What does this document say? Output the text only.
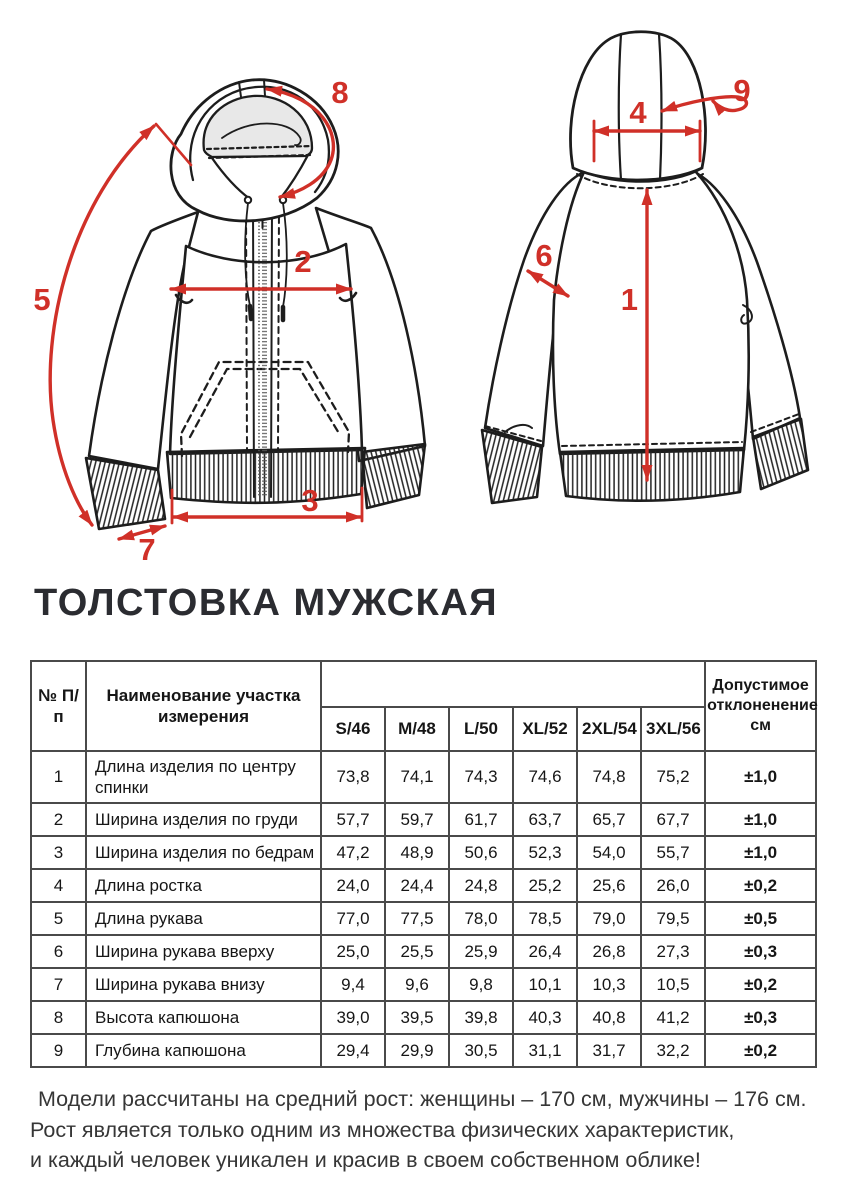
2
3
5
7
8
1
4
6
9
ТОЛСТОВКА МУЖСКАЯ
№ П/п	Наименование участка измерения							Допустимое отклоненение см
		S/46	M/48	L/50	XL/52	2XL/54	3XL/56	
1	Длина изделия по центру спинки	73,8	74,1	74,3	74,6	74,8	75,2	±1,0
2	Ширина изделия по груди	57,7	59,7	61,7	63,7	65,7	67,7	±1,0
3	Ширина изделия по бедрам	47,2	48,9	50,6	52,3	54,0	55,7	±1,0
4	Длина ростка	24,0	24,4	24,8	25,2	25,6	26,0	±0,2
5	Длина рукава	77,0	77,5	78,0	78,5	79,0	79,5	±0,5
6	Ширина рукава вверху	25,0	25,5	25,9	26,4	26,8	27,3	±0,3
7	Ширина рукава внизу	9,4	9,6	9,8	10,1	10,3	10,5	±0,2
8	Высота капюшона	39,0	39,5	39,8	40,3	40,8	41,2	±0,3
9	Глубина капюшона	29,4	29,9	30,5	31,1	31,7	32,2	±0,2

Модели рассчитаны на средний рост: женщины – 170 см, мужчины – 176 см.

Рост является только одним из множества физических характеристик,

и каждый человек уникален и красив в своем собственном облике!
